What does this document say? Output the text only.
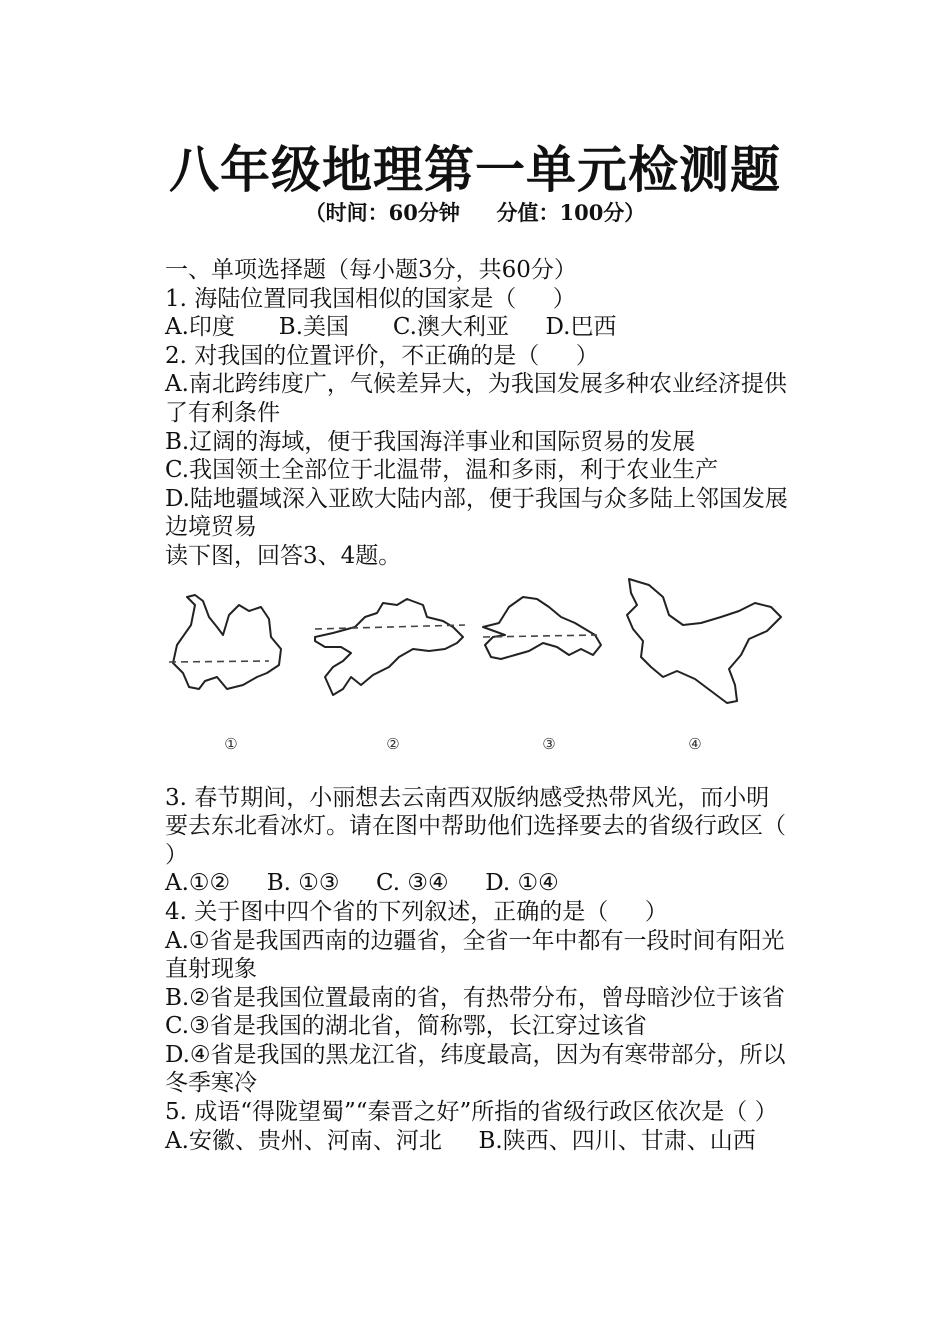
八年级地理第一单元检测题
（时间：60分钟     分值：100分）

一、单项选择题（每小题3分，共60分）

1. 海陆位置同我国相似的国家是（     ）

A.印度      B.美国      C.澳大利亚     D.巴西

2. 对我国的位置评价，不正确的是（     ）

A.南北跨纬度广，气候差异大，为我国发展多种农业经济提供了有利条件

B.辽阔的海域，便于我国海洋事业和国际贸易的发展

C.我国领土全部位于北温带，温和多雨，利于农业生产

D.陆地疆域深入亚欧大陆内部，便于我国与众多陆上邻国发展边境贸易

读下图，回答3、4题。

①	②	③	④

3. 春节期间，小丽想去云南西双版纳感受热带风光，而小明要去东北看冰灯。请在图中帮助他们选择要去的省级行政区（ ）

A.①②     B. ①③     C. ③④     D. ①④

4. 关于图中四个省的下列叙述，正确的是（     ）

A.①省是我国西南的边疆省，全省一年中都有一段时间有阳光直射现象

B.②省是我国位置最南的省，有热带分布，曾母暗沙位于该省

C.③省是我国的湖北省，简称鄂，长江穿过该省

D.④省是我国的黑龙江省，纬度最高，因为有寒带部分，所以冬季寒冷

5. 成语“得陇望蜀”“秦晋之好”所指的省级行政区依次是（ ）

A.安徽、贵州、河南、河北     B.陕西、四川、甘肃、山西
